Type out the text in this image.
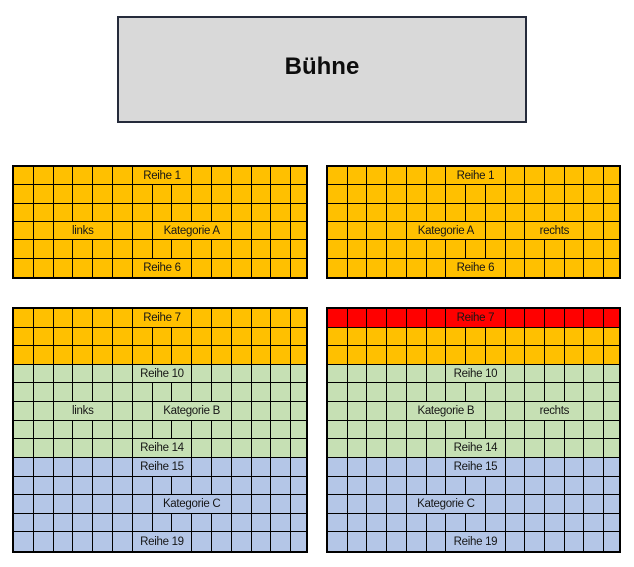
Bühne
Reihe 1
links	Kategorie A
Reihe 6
Reihe 1
Kategorie A	rechts
Reihe 6
Reihe 7
Reihe 10
links	Kategorie B
Reihe 14
Reihe 15
Kategorie C
Reihe 19
Reihe 7
Reihe 10
Kategorie B	rechts
Reihe 14
Reihe 15
Kategorie C
Reihe 19
